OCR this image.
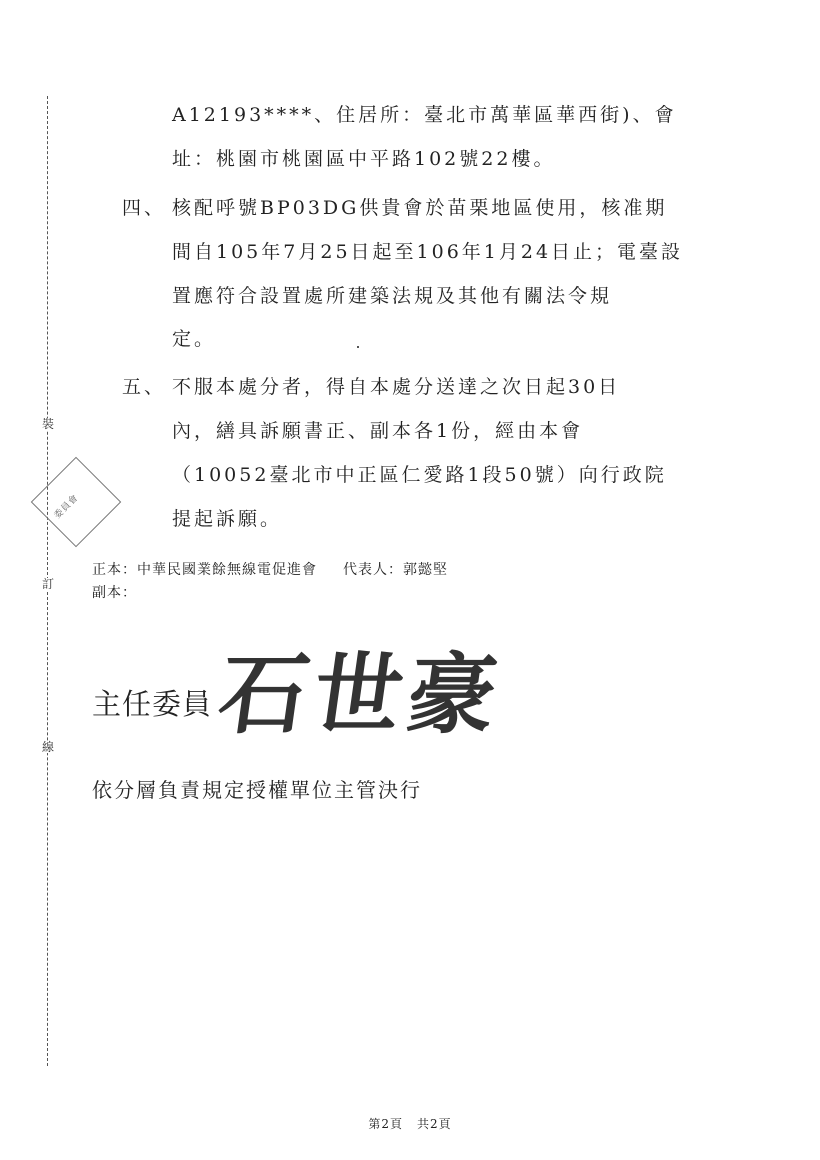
裝
訂
線
委員會
A12193****、住居所：臺北市萬華區華西街)、會
址：桃園市桃園區中平路102號22樓。
四、 核配呼號BP03DG供貴會於苗栗地區使用，核准期
間自105年7月25日起至106年1月24日止；電臺設
置應符合設置處所建築法規及其他有關法令規
定。
五、 不服本處分者，得自本處分送達之次日起30日
內，繕具訴願書正、副本各1份，經由本會
（10052臺北市中正區仁愛路1段50號）向行政院
提起訴願。
正本：中華民國業餘無線電促進會 代表人：郭懿堅
副本：
主任委員 石世豪
依分層負責規定授權單位主管決行
第2頁 共2頁
